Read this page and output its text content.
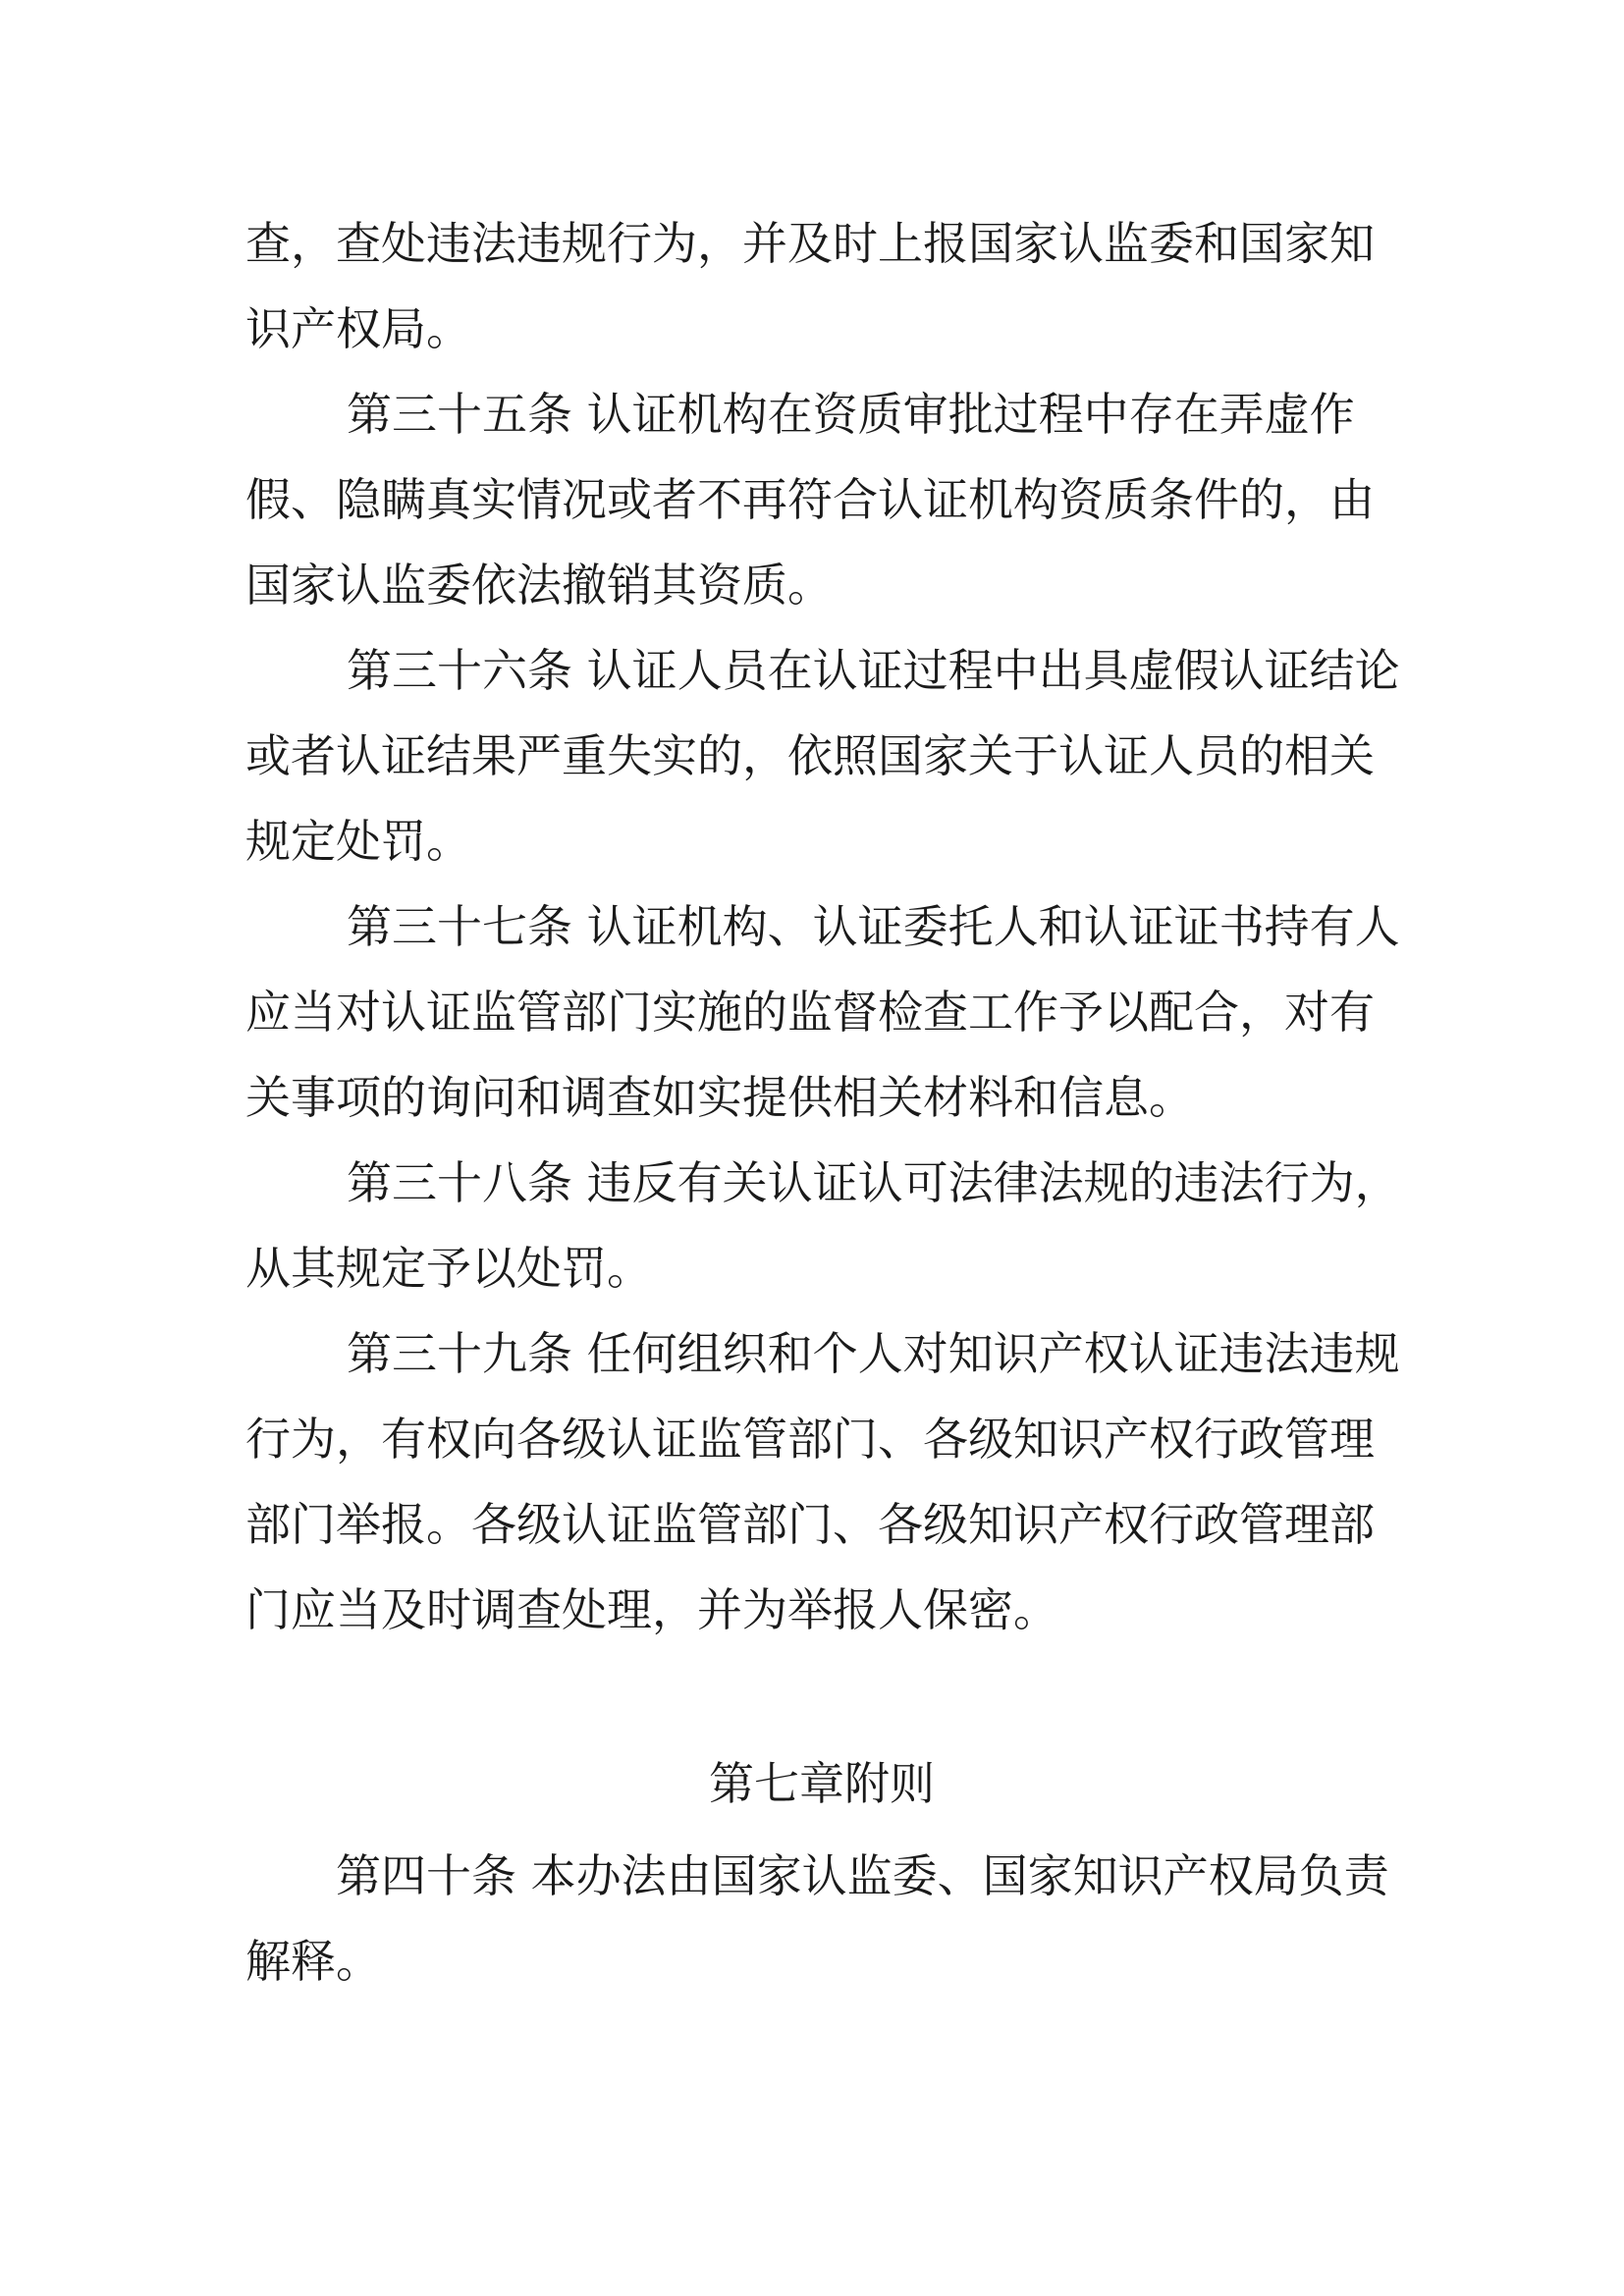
查，查处违法违规行为，并及时上报国家认监委和国家知
识产权局。
第三十五条 认证机构在资质审批过程中存在弄虚作
假、隐瞒真实情况或者不再符合认证机构资质条件的，由
国家认监委依法撤销其资质。
第三十六条 认证人员在认证过程中出具虚假认证结论
或者认证结果严重失实的，依照国家关于认证人员的相关
规定处罚。
第三十七条 认证机构、认证委托人和认证证书持有人
应当对认证监管部门实施的监督检查工作予以配合，对有
关事项的询问和调查如实提供相关材料和信息。
第三十八条 违反有关认证认可法律法规的违法行为，
从其规定予以处罚。
第三十九条 任何组织和个人对知识产权认证违法违规
行为，有权向各级认证监管部门、各级知识产权行政管理
部门举报。各级认证监管部门、各级知识产权行政管理部
门应当及时调查处理，并为举报人保密。
第七章附则
第四十条 本办法由国家认监委、国家知识产权局负责
解释。
